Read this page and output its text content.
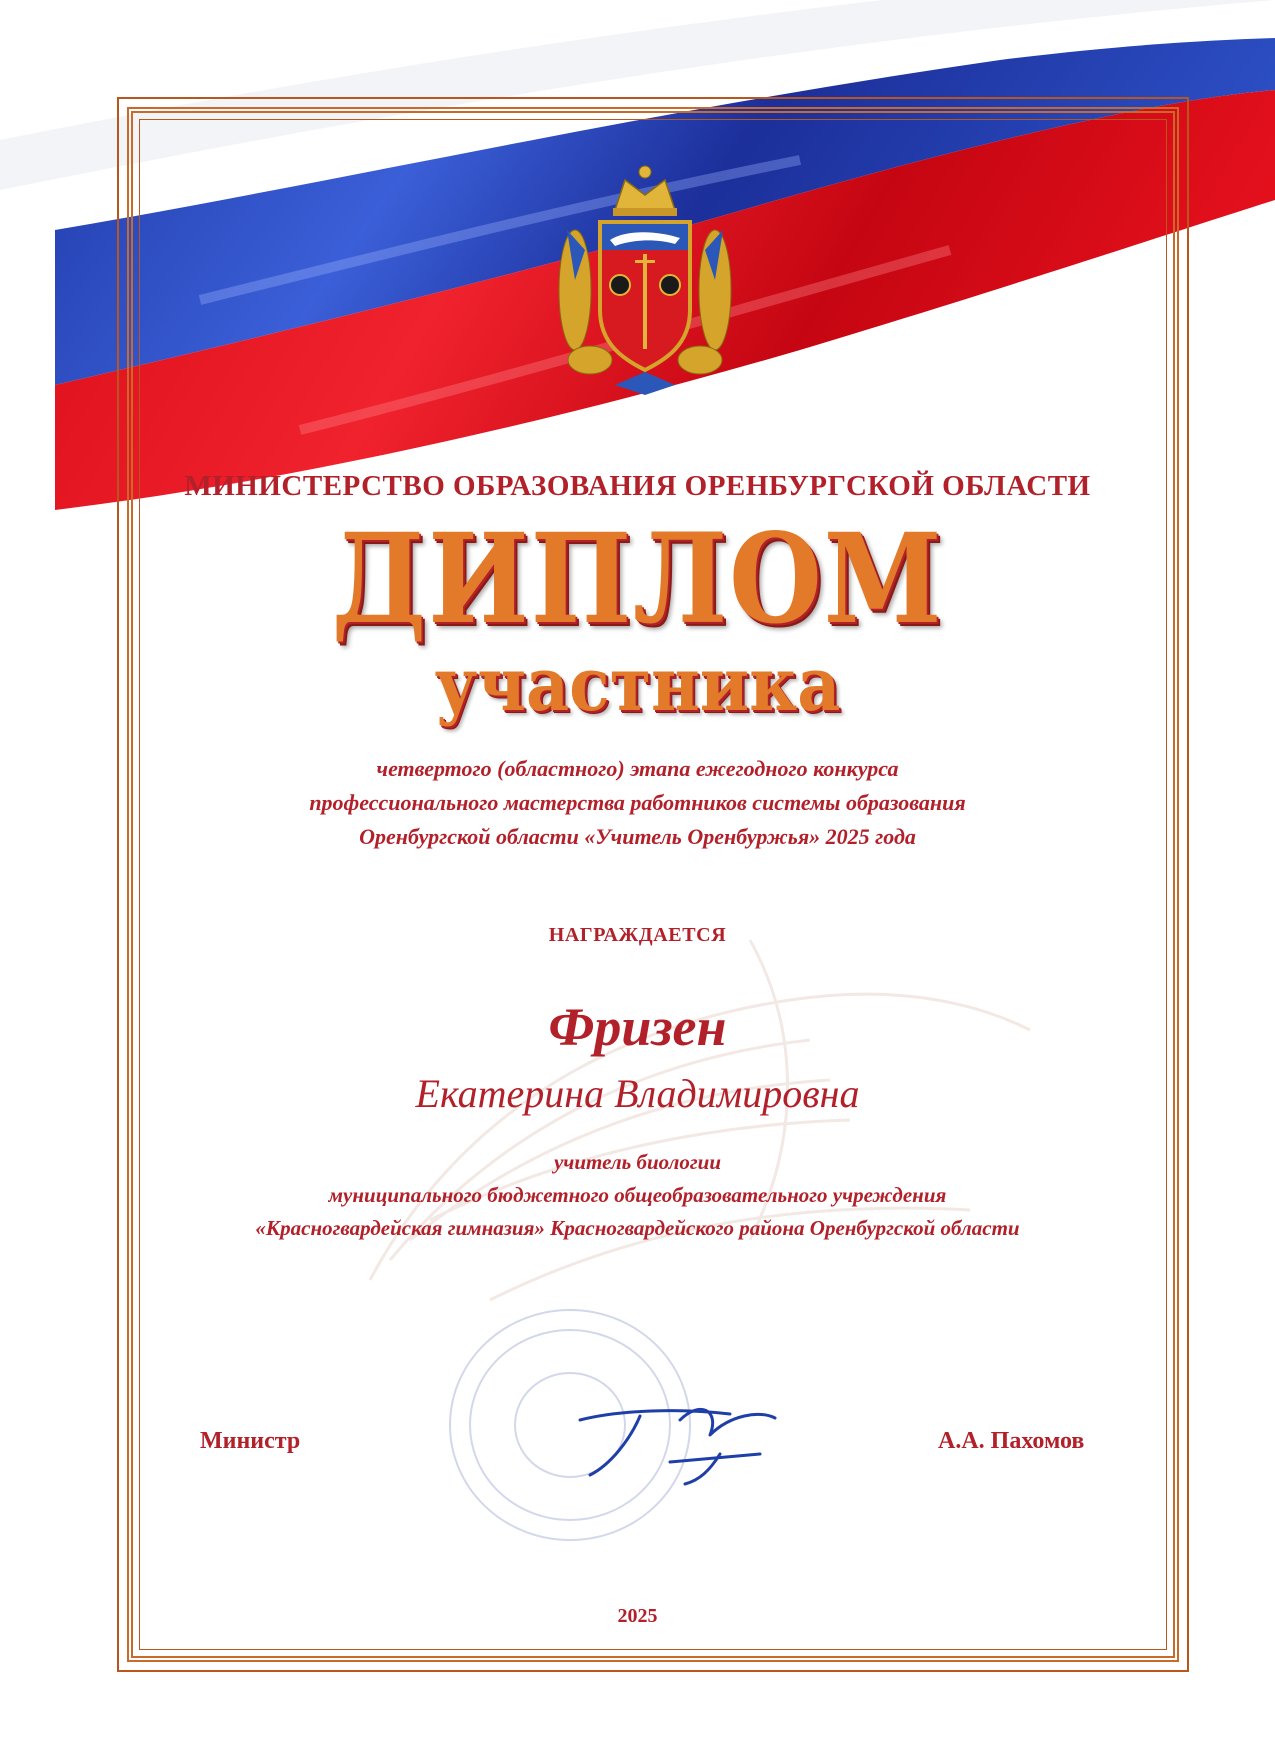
МИНИСТЕРСТВО ОБРАЗОВАНИЯ ОРЕНБУРГСКОЙ ОБЛАСТИ
ДИПЛОМ
участника
четвертого (областного) этапа ежегодного конкурса
профессионального мастерства работников системы образования
Оренбургской области «Учитель Оренбуржья» 2025 года
НАГРАЖДАЕТСЯ
Фризен
Екатерина Владимировна
учитель биологии
муниципального бюджетного общеобразовательного учреждения
«Красногвардейская гимназия» Красногвардейского района Оренбургской области
Министр	А.А. Пахомов
2025
